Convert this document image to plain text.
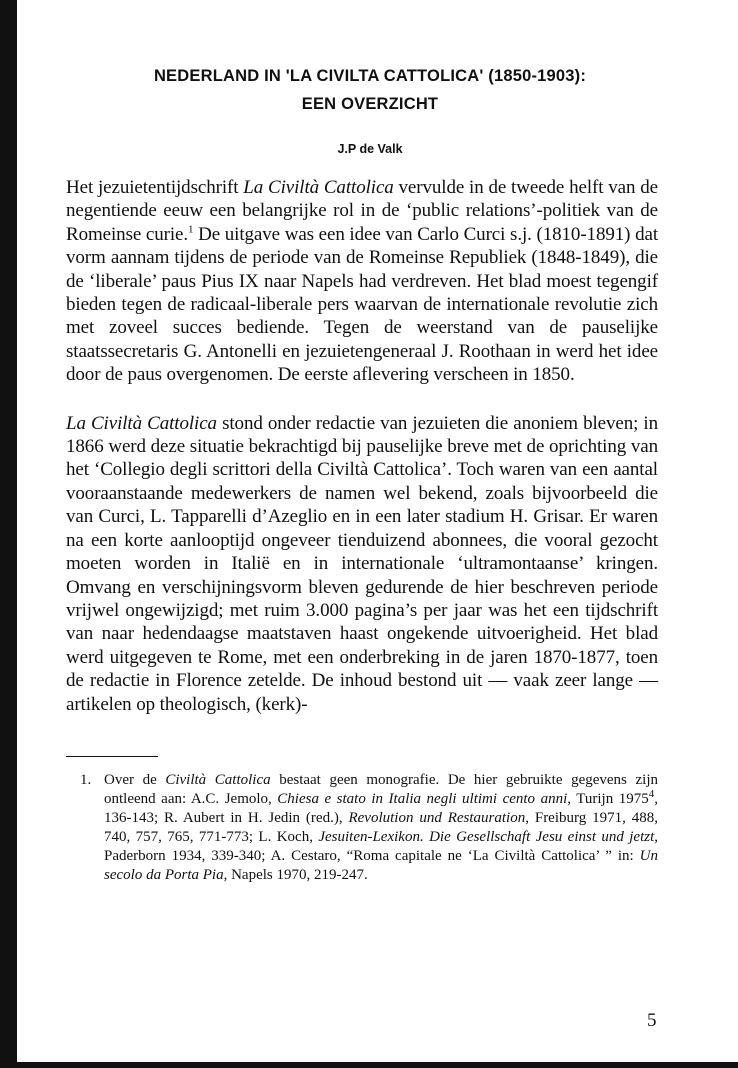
NEDERLAND IN 'LA CIVILTA CATTOLICA' (1850-1903):
EEN OVERZICHT
J.P de Valk

Het jezuietentijdschrift La Civiltà Cattolica vervulde in de tweede helft van de negentiende eeuw een belangrijke rol in de ‘public relations’-politiek van de Romeinse curie.$^1$ De uitgave was een idee van Carlo Curci s.j. (1810-1891) dat vorm aannam tijdens de periode van de Romeinse Republiek (1848-1849), die de ‘liberale’ paus Pius IX naar Napels had verdreven. Het blad moest tegengif bieden tegen de radicaal-liberale pers waarvan de internationale revolutie zich met zoveel succes bediende. Tegen de weerstand van de pauselijke staatssecretaris G. Antonelli en jezuietengeneraal J. Roothaan in werd het idee door de paus overgenomen. De eerste aflevering verscheen in 1850.

La Civiltà Cattolica stond onder redactie van jezuieten die anoniem bleven; in 1866 werd deze situatie bekrachtigd bij pauselijke breve met de oprichting van het ‘Collegio degli scrittori della Civiltà Cattolica’. Toch waren van een aantal vooraanstaande medewerkers de namen wel bekend, zoals bijvoorbeeld die van Curci, L. Tapparelli d’Azeglio en in een later stadium H. Grisar. Er waren na een korte aanlooptijd ongeveer tienduizend abonnees, die vooral gezocht moeten worden in Italië en in internationale ‘ultramontaanse’ kringen. Omvang en verschijningsvorm bleven gedurende de hier beschreven periode vrijwel ongewijzigd; met ruim 3.000 pagina’s per jaar was het een tijdschrift van naar hedendaagse maatstaven haast ongekende uitvoerigheid. Het blad werd uitgegeven te Rome, met een onderbreking in de jaren 1870-1877, toen de redactie in Florence zetelde. De inhoud bestond uit — vaak zeer lange — artikelen op theologisch, (kerk)-

1. Over de Civiltà Cattolica bestaat geen monografie. De hier gebruikte gegevens zijn ontleend aan: A.C. Jemolo, Chiesa e stato in Italia negli ultimi cento anni, Turijn 1975$^4$, 136-143; R. Aubert in H. Jedin (red.), Revolution und Restauration, Freiburg 1971, 488, 740, 757, 765, 771-773; L. Koch, Jesuiten-Lexikon. Die Gesellschaft Jesu einst und jetzt, Paderborn 1934, 339-340; A. Cestaro, “Roma capitale ne ‘La Civiltà Cattolica’ ” in: Un secolo da Porta Pia, Napels 1970, 219-247.

5
